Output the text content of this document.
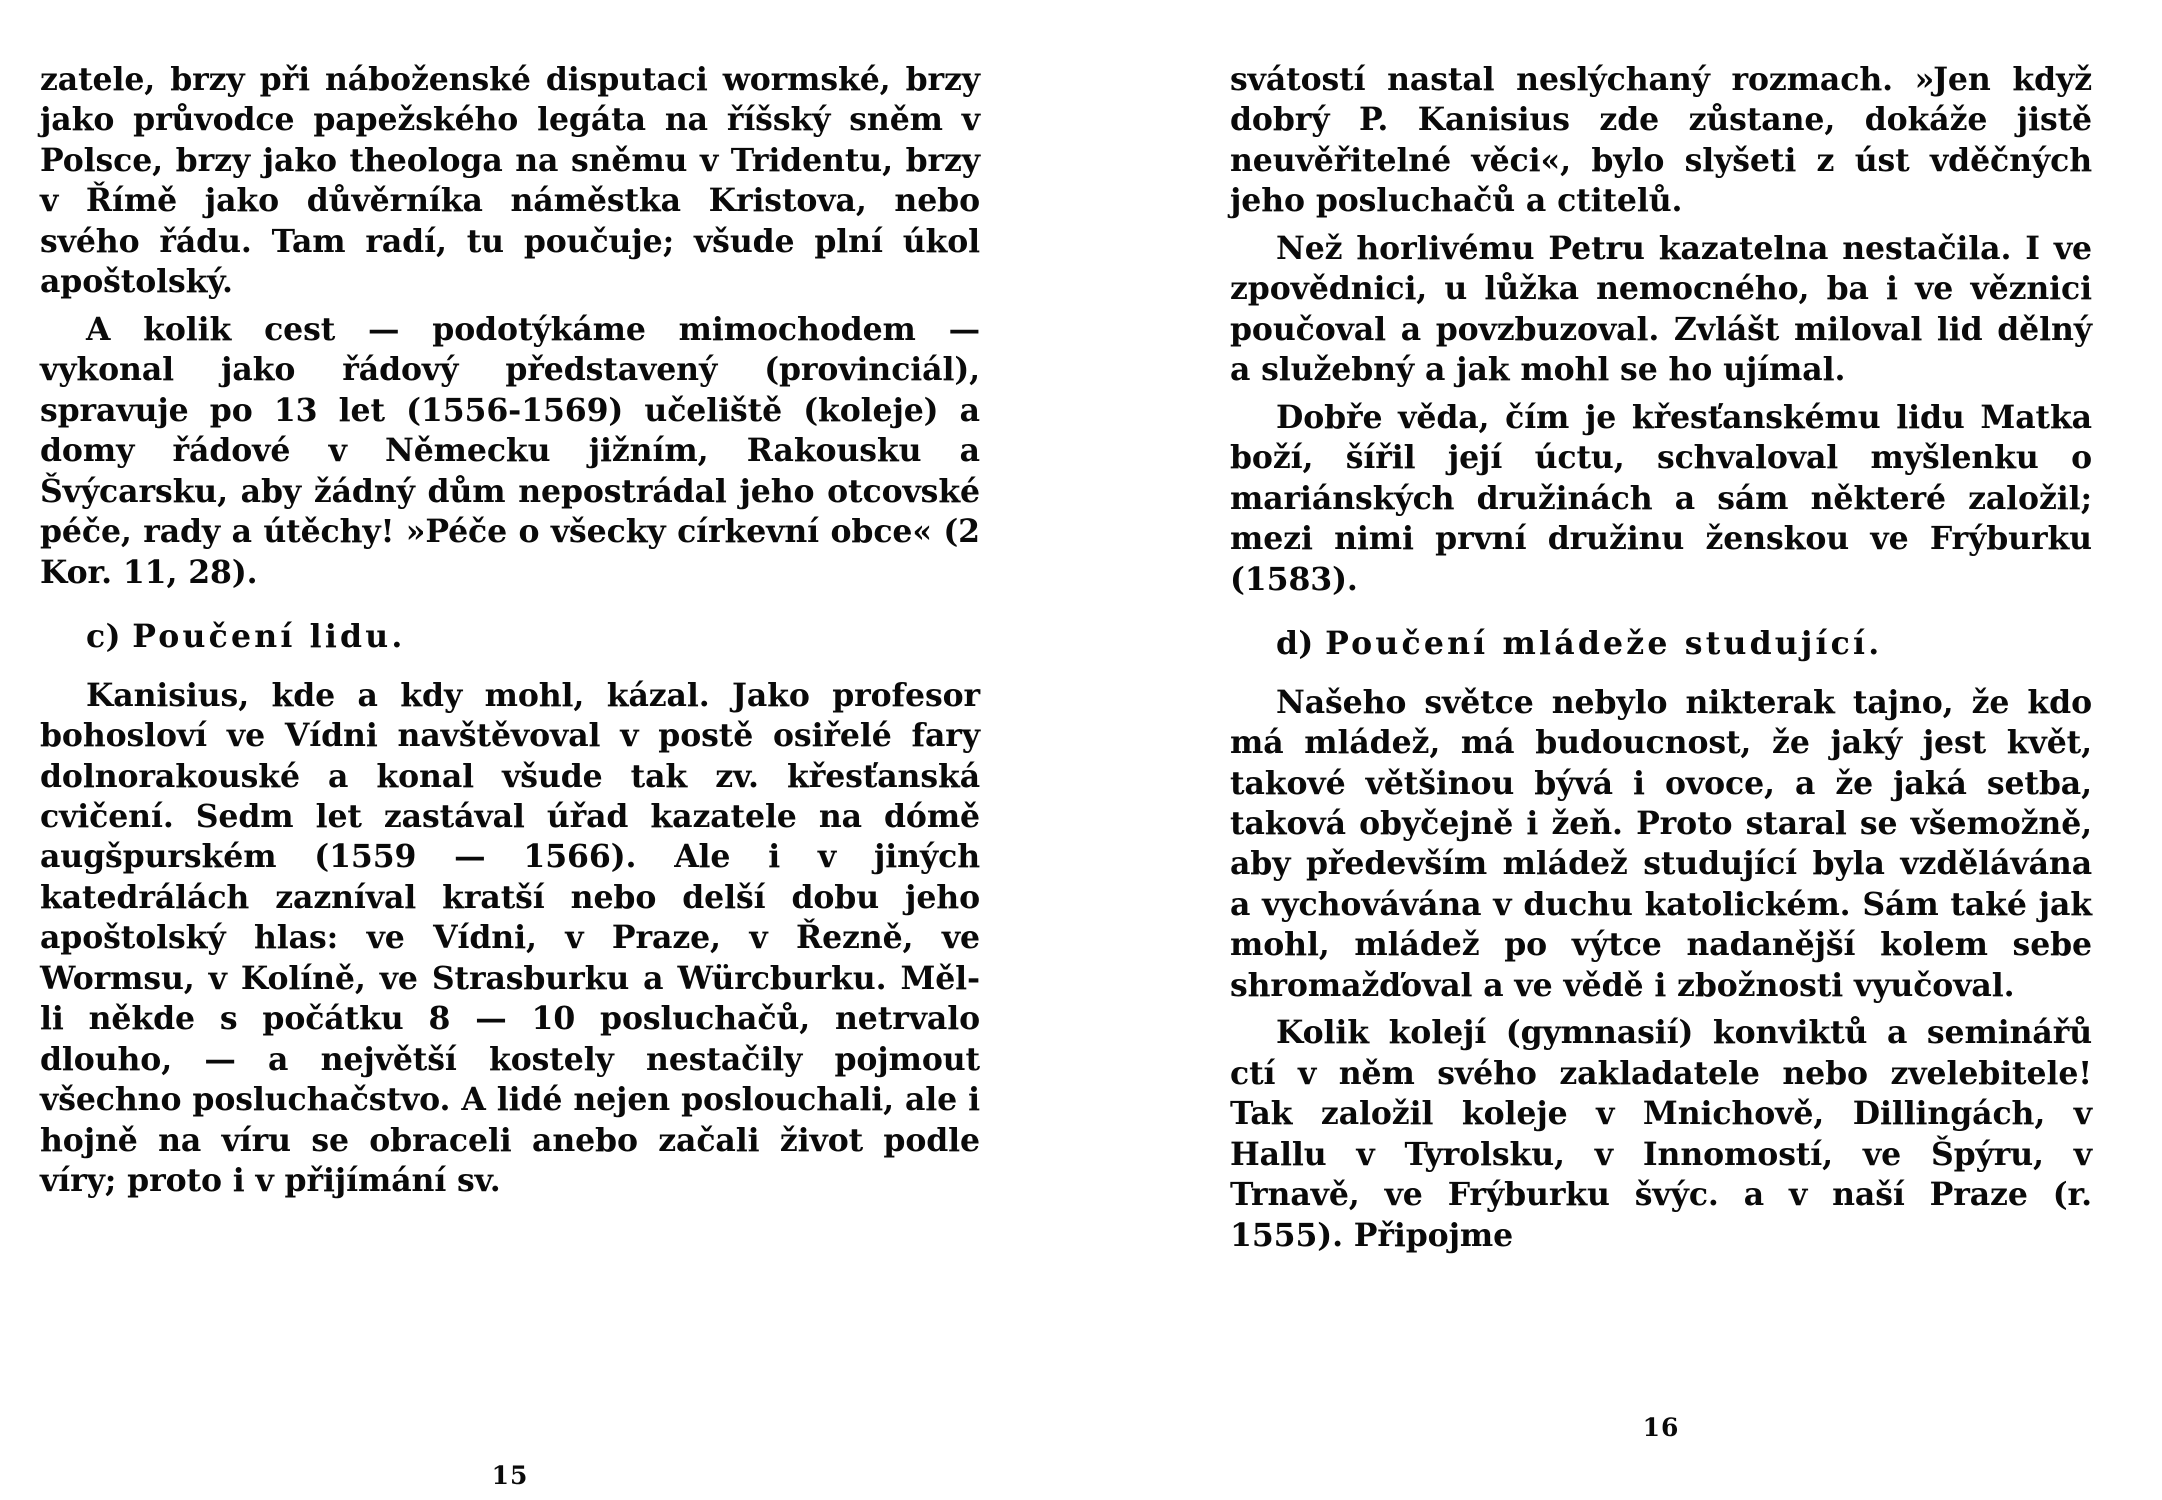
zatele, brzy při náboženské disputaci wormské, brzy jako průvodce papežského legáta na říšský sněm v Polsce, brzy jako theologa na sněmu v Tridentu, brzy v Římě jako důvěrníka náměstka Kristova, nebo svého řádu. Tam radí, tu poučuje; všude plní úkol apoštolský.

A kolik cest — podotýkáme mimochodem — vykonal jako řádový představený (provinciál), spravuje po 13 let (1556-1569) učeliště (koleje) a domy řádové v Německu jižním, Rakousku a Švýcarsku, aby žádný dům nepostrádal jeho otcovské péče, rady a útěchy! »Péče o všecky církevní obce« (2 Kor. 11, 28).

c) Poučení lidu.

Kanisius, kde a kdy mohl, kázal. Jako profesor bohosloví ve Vídni navštěvoval v postě osiřelé fary dolnorakouské a konal všude tak zv. křesťanská cvičení. Sedm let zastával úřad kazatele na dómě augšpurském (1559 — 1566). Ale i v jiných katedrálách zazníval kratší nebo delší dobu jeho apoštolský hlas: ve Vídni, v Praze, v Řezně, ve Wormsu, v Kolíně, ve Strasburku a Würcburku. Měl-li někde s počátku 8 — 10 posluchačů, netrvalo dlouho, — a největší kostely nestačily pojmout všechno posluchačstvo. A lidé nejen poslouchali, ale i hojně na víru se obraceli anebo začali život podle víry; proto i v přijímání sv.

15

svátostí nastal neslýchaný rozmach. »Jen když dobrý P. Kanisius zde zůstane, dokáže jistě neuvěřitelné věci«, bylo slyšeti z úst vděčných jeho posluchačů a ctitelů.

Než horlivému Petru kazatelna nestačila. I ve zpovědnici, u lůžka nemocného, ba i ve věznici poučoval a povzbuzoval. Zvlášt miloval lid dělný a služebný a jak mohl se ho ujímal.

Dobře věda, čím je křesťanskému lidu Matka boží, šířil její úctu, schvaloval myšlenku o mariánských družinách a sám některé založil; mezi nimi první družinu ženskou ve Frýburku (1583).

d) Poučení mládeže studující.

Našeho světce nebylo nikterak tajno, že kdo má mládež, má budoucnost, že jaký jest květ, takové většinou bývá i ovoce, a že jaká setba, taková obyčejně i žeň. Proto staral se všemožně, aby především mládež studující byla vzdělávána a vychovávána v duchu katolickém. Sám také jak mohl, mládež po výtce nadanější kolem sebe shromažďoval a ve vědě i zbožnosti vyučoval.

Kolik kolejí (gymnasií) konviktů a seminářů ctí v něm svého zakladatele nebo zvelebitele! Tak založil koleje v Mnichově, Dillingách, v Hallu v Tyrolsku, v Innomostí, ve Špýru, v Trnavě, ve Frýburku švýc. a v naší Praze (r. 1555). Připojme

16
